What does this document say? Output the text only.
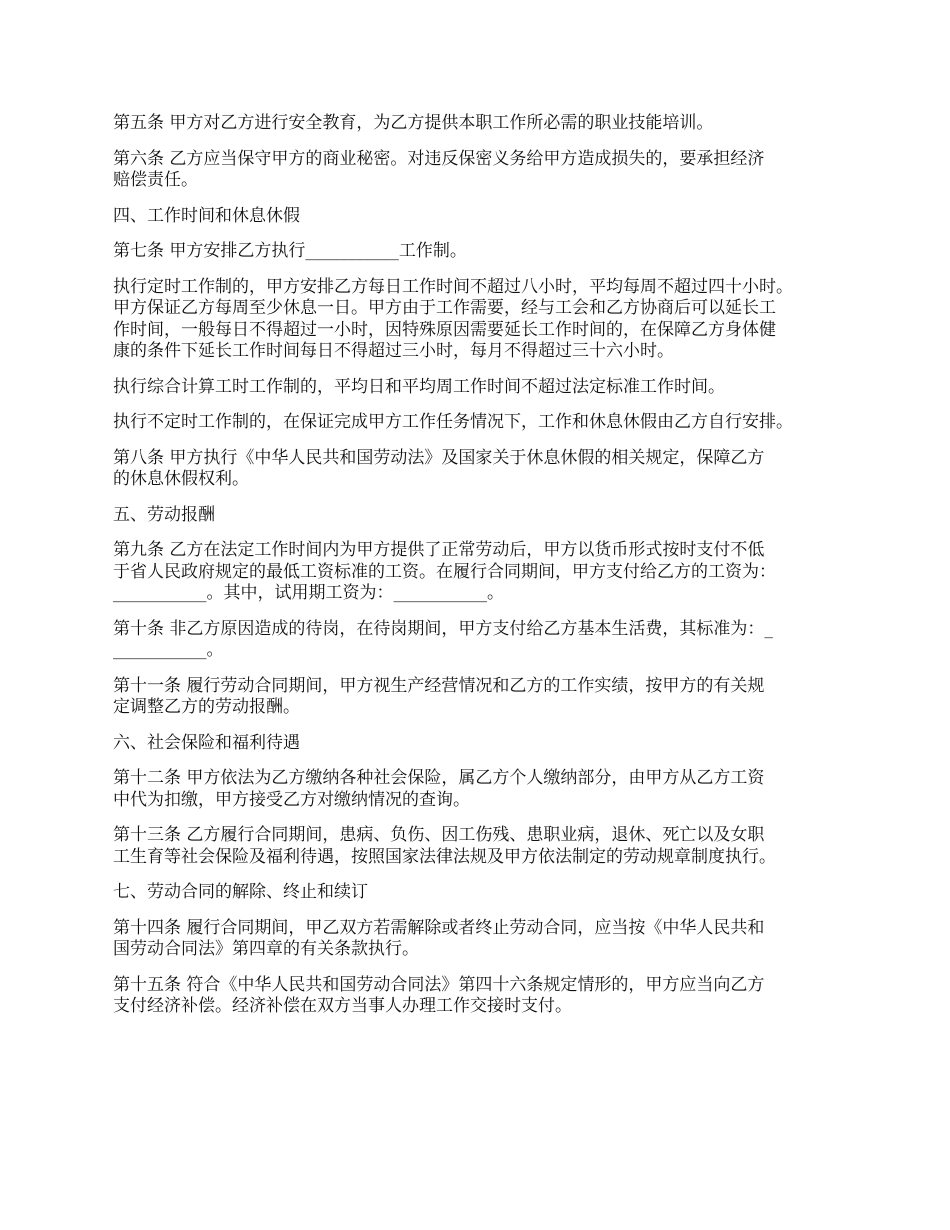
第五条 甲方对乙方进行安全教育，为乙方提供本职工作所必需的职业技能培训。

第六条 乙方应当保守甲方的商业秘密。对违反保密义务给甲方造成损失的，要承担经济
赔偿责任。

四、工作时间和休息休假

第七条 甲方安排乙方执行___________工作制。

执行定时工作制的，甲方安排乙方每日工作时间不超过八小时，平均每周不超过四十小时。
甲方保证乙方每周至少休息一日。甲方由于工作需要，经与工会和乙方协商后可以延长工
作时间，一般每日不得超过一小时，因特殊原因需要延长工作时间的，在保障乙方身体健
康的条件下延长工作时间每日不得超过三小时，每月不得超过三十六小时。

执行综合计算工时工作制的，平均日和平均周工作时间不超过法定标准工作时间。

执行不定时工作制的，在保证完成甲方工作任务情况下，工作和休息休假由乙方自行安排。

第八条 甲方执行《中华人民共和国劳动法》及国家关于休息休假的相关规定，保障乙方
的休息休假权利。

五、劳动报酬

第九条 乙方在法定工作时间内为甲方提供了正常劳动后，甲方以货币形式按时支付不低
于省人民政府规定的最低工资标准的工资。在履行合同期间，甲方支付给乙方的工资为：
___________。其中，试用期工资为：___________。

第十条 非乙方原因造成的待岗，在待岗期间，甲方支付给乙方基本生活费，其标准为：_
___________。

第十一条 履行劳动合同期间，甲方视生产经营情况和乙方的工作实绩，按甲方的有关规
定调整乙方的劳动报酬。

六、社会保险和福利待遇

第十二条 甲方依法为乙方缴纳各种社会保险，属乙方个人缴纳部分，由甲方从乙方工资
中代为扣缴，甲方接受乙方对缴纳情况的查询。

第十三条 乙方履行合同期间，患病、负伤、因工伤残、患职业病，退休、死亡以及女职
工生育等社会保险及福利待遇，按照国家法律法规及甲方依法制定的劳动规章制度执行。

七、劳动合同的解除、终止和续订

第十四条 履行合同期间，甲乙双方若需解除或者终止劳动合同，应当按《中华人民共和
国劳动合同法》第四章的有关条款执行。

第十五条 符合《中华人民共和国劳动合同法》第四十六条规定情形的，甲方应当向乙方
支付经济补偿。经济补偿在双方当事人办理工作交接时支付。
